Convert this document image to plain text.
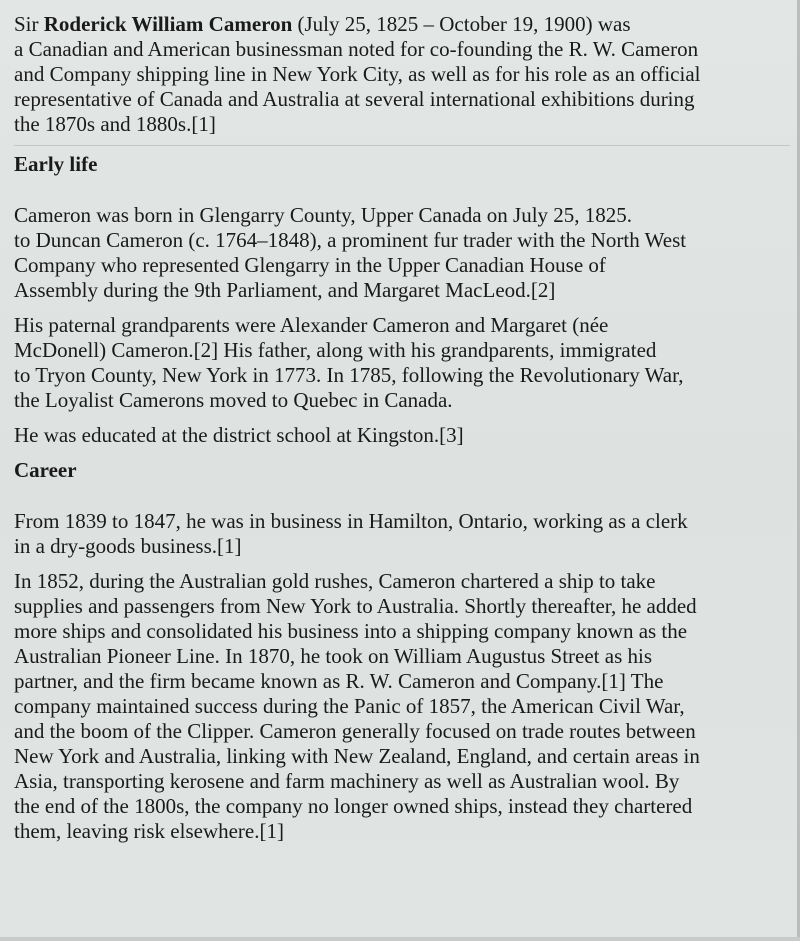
Sir Roderick William Cameron (July 25, 1825 – October 19, 1900) was
a Canadian and American businessman noted for co-founding the R. W. Cameron
and Company shipping line in New York City, as well as for his role as an official
representative of Canada and Australia at several international exhibitions during
the 1870s and 1880s.[1]
Early life
Cameron was born in Glengarry County, Upper Canada on July 25, 1825.
to Duncan Cameron (c. 1764–1848), a prominent fur trader with the North West
Company who represented Glengarry in the Upper Canadian House of
Assembly during the 9th Parliament, and Margaret MacLeod.[2]
His paternal grandparents were Alexander Cameron and Margaret (née
McDonell) Cameron.[2] His father, along with his grandparents, immigrated
to Tryon County, New York in 1773. In 1785, following the Revolutionary War,
the Loyalist Camerons moved to Quebec in Canada.
He was educated at the district school at Kingston.[3]
Career
From 1839 to 1847, he was in business in Hamilton, Ontario, working as a clerk
in a dry-goods business.[1]
In 1852, during the Australian gold rushes, Cameron chartered a ship to take
supplies and passengers from New York to Australia. Shortly thereafter, he added
more ships and consolidated his business into a shipping company known as the
Australian Pioneer Line. In 1870, he took on William Augustus Street as his
partner, and the firm became known as R. W. Cameron and Company.[1] The
company maintained success during the Panic of 1857, the American Civil War,
and the boom of the Clipper. Cameron generally focused on trade routes between
New York and Australia, linking with New Zealand, England, and certain areas in
Asia, transporting kerosene and farm machinery as well as Australian wool. By
the end of the 1800s, the company no longer owned ships, instead they chartered
them, leaving risk elsewhere.[1]
